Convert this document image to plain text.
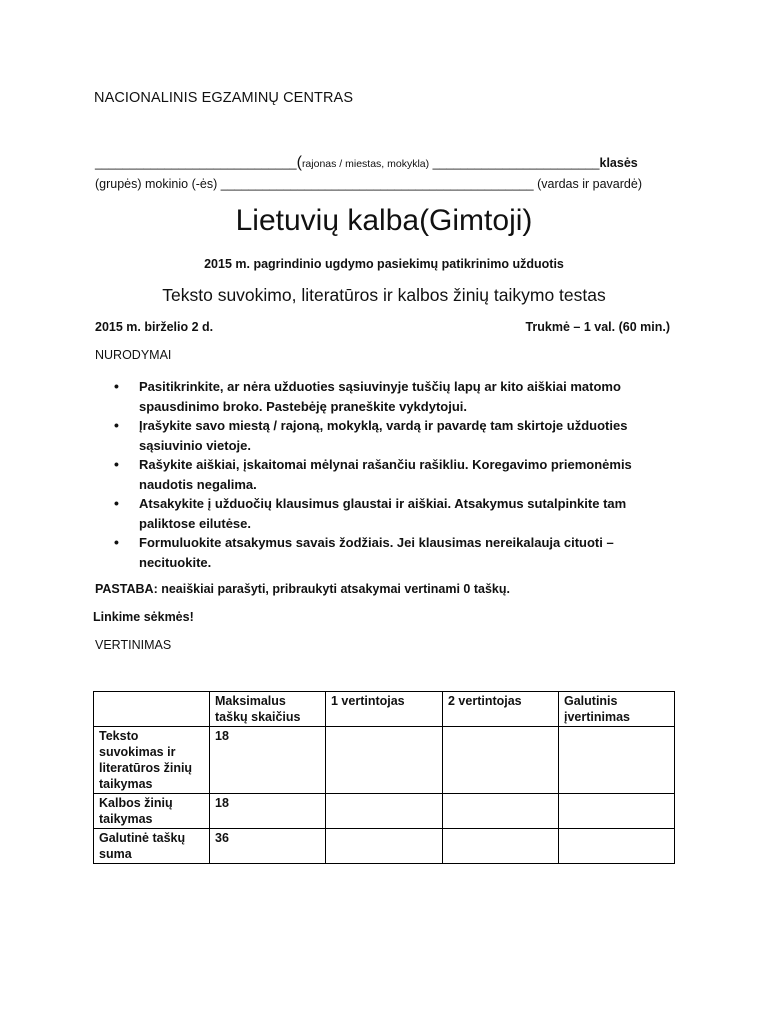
NACIONALINIS EGZAMINŲ CENTRAS
_____________________________(rajonas / miestas, mokykla) ________________________klasės
(grupės) mokinio (-ės) _____________________________________________ (vardas ir pavardė)
Lietuvių kalba(Gimtoji)
2015 m. pagrindinio ugdymo pasiekimų patikrinimo užduotis
Teksto suvokimo, literatūros ir kalbos žinių taikymo testas
2015 m. birželio 2 d.	Trukmė – 1 val. (60 min.)
NURODYMAI
• Pasitikrinkite, ar nėra užduoties sąsiuvinyje tuščių lapų ar kito aiškiai matomo spausdinimo broko. Pastebėję praneškite vykdytojui.
• Įrašykite savo miestą / rajoną, mokyklą, vardą ir pavardę tam skirtoje užduoties sąsiuvinio vietoje.
• Rašykite aiškiai, įskaitomai mėlynai rašančiu rašikliu. Koregavimo priemonėmis naudotis negalima.
• Atsakykite į užduočių klausimus glaustai ir aiškiai. Atsakymus sutalpinkite tam paliktose eilutėse.
• Formuluokite atsakymus savais žodžiais. Jei klausimas nereikalauja cituoti – necituokite.
PASTABA: neaiškiai parašyti, pribraukyti atsakymai vertinami 0 taškų.
Linkime sėkmės!
VERTINIMAS
	Maksimalus taškų skaičius	1 vertintojas	2 vertintojas	Galutinis įvertinimas
Teksto suvokimas ir literatūros žinių taikymas	18			
Kalbos žinių taikymas	18			
Galutinė taškų suma	36			
